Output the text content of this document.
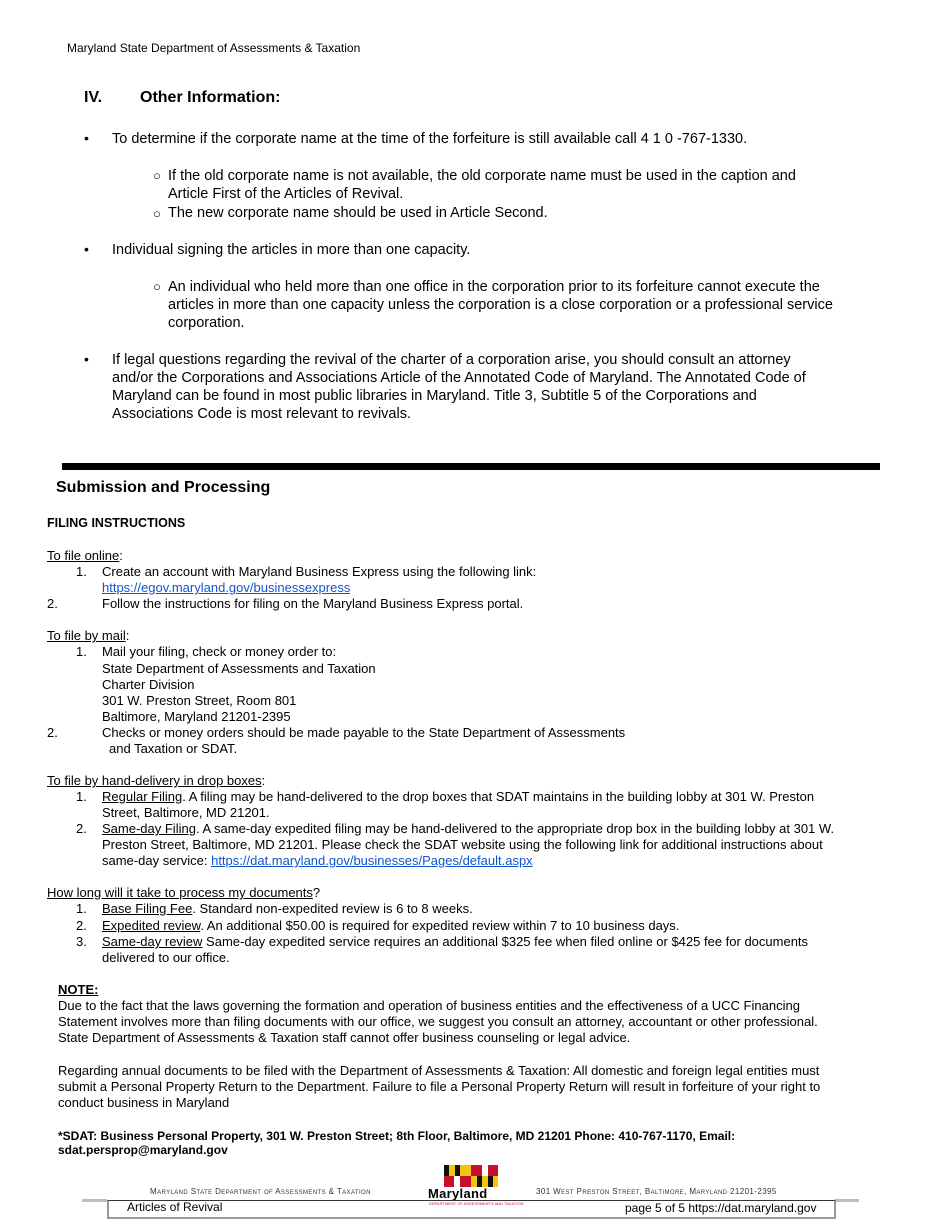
Maryland State Department of Assessments & Taxation
IV. Other Information:
• To determine if the corporate name at the time of the forfeiture is still available call 4 1 0 -767-1330.
○ If the old corporate name is not available, the old corporate name must be used in the caption and
Article First of the Articles of Revival.
○ The new corporate name should be used in Article Second.
• Individual signing the articles in more than one capacity.
○ An individual who held more than one office in the corporation prior to its forfeiture cannot execute the
articles in more than one capacity unless the corporation is a close corporation or a professional service
corporation.
• If legal questions regarding the revival of the charter of a corporation arise, you should consult an attorney
and/or the Corporations and Associations Article of the Annotated Code of Maryland. The Annotated Code of
Maryland can be found in most public libraries in Maryland. Title 3, Subtitle 5 of the Corporations and
Associations Code is most relevant to revivals.
Submission and Processing
FILING INSTRUCTIONS
To file online:
1. Create an account with Maryland Business Express using the following link:
https://egov.maryland.gov/businessexpress
2.	Follow the instructions for filing on the Maryland Business Express portal.
To file by mail:
1. Mail your filing, check or money order to:
State Department of Assessments and Taxation
Charter Division
301 W. Preston Street, Room 801
Baltimore, Maryland 21201-2395
2.	Checks or money orders should be made payable to the State Department of Assessments
and Taxation or SDAT.
To file by hand-delivery in drop boxes:
1. Regular Filing. A filing may be hand-delivered to the drop boxes that SDAT maintains in the building lobby at 301 W. Preston
Street, Baltimore, MD 21201.
2. Same-day Filing. A same-day expedited filing may be hand-delivered to the appropriate drop box in the building lobby at 301 W.
Preston Street, Baltimore, MD 21201. Please check the SDAT website using the following link for additional instructions about
same-day service: https://dat.maryland.gov/businesses/Pages/default.aspx
How long will it take to process my documents?
1. Base Filing Fee. Standard non-expedited review is 6 to 8 weeks.
2. Expedited review. An additional $50.00 is required for expedited review within 7 to 10 business days.
3. Same-day review Same-day expedited service requires an additional $325 fee when filed online or $425 fee for documents
delivered to our office.
NOTE:
Due to the fact that the laws governing the formation and operation of business entities and the effectiveness of a UCC Financing
Statement involves more than filing documents with our office, we suggest you consult an attorney, accountant or other professional.
State Department of Assessments & Taxation staff cannot offer business counseling or legal advice.
Regarding annual documents to be filed with the Department of Assessments & Taxation: All domestic and foreign legal entities must
submit a Personal Property Return to the Department. Failure to file a Personal Property Return will result in forfeiture of your right to
conduct business in Maryland
*SDAT: Business Personal Property, 301 W. Preston Street; 8th Floor, Baltimore, MD 21201 Phone: 410-767-1170, Email:
sdat.persprop@maryland.gov
Maryland State Department of Assessments & Taxation	301 West Preston Street, Baltimore, Maryland 21201-2395
Maryland
DEPARTMENT OF ASSESSMENTS AND TAXATION
Articles of Revival	page 5 of 5 https://dat.maryland.gov
